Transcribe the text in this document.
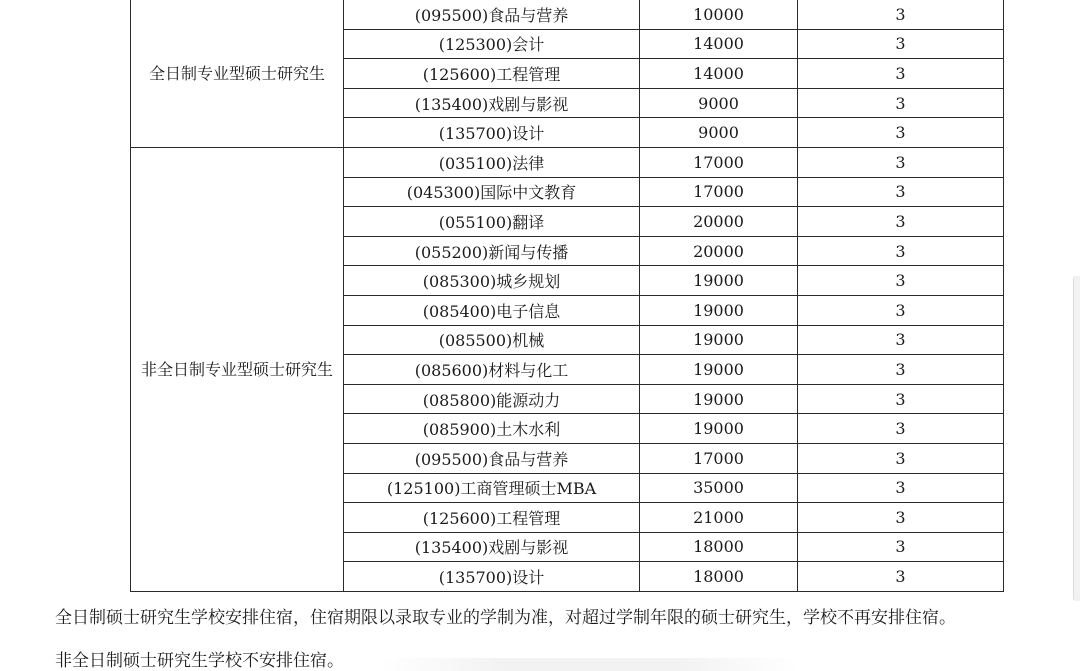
全日制专业型硕士研究生	(095500)食品与营养	10000	3
	(125300)会计	14000	3
	(125600)工程管理	14000	3
	(135400)戏剧与影视	9000	3
	(135700)设计	9000	3
非全日制专业型硕士研究生	(035100)法律	17000	3
	(045300)国际中文教育	17000	3
	(055100)翻译	20000	3
	(055200)新闻与传播	20000	3
	(085300)城乡规划	19000	3
	(085400)电子信息	19000	3
	(085500)机械	19000	3
	(085600)材料与化工	19000	3
	(085800)能源动力	19000	3
	(085900)土木水利	19000	3
	(095500)食品与营养	17000	3
	(125100)工商管理硕士MBA	35000	3
	(125600)工程管理	21000	3
	(135400)戏剧与影视	18000	3
	(135700)设计	18000	3
全日制硕士研究生学校安排住宿，住宿期限以录取专业的学制为准，对超过学制年限的硕士研究生，学校不再安排住宿。
非全日制硕士研究生学校不安排住宿。
